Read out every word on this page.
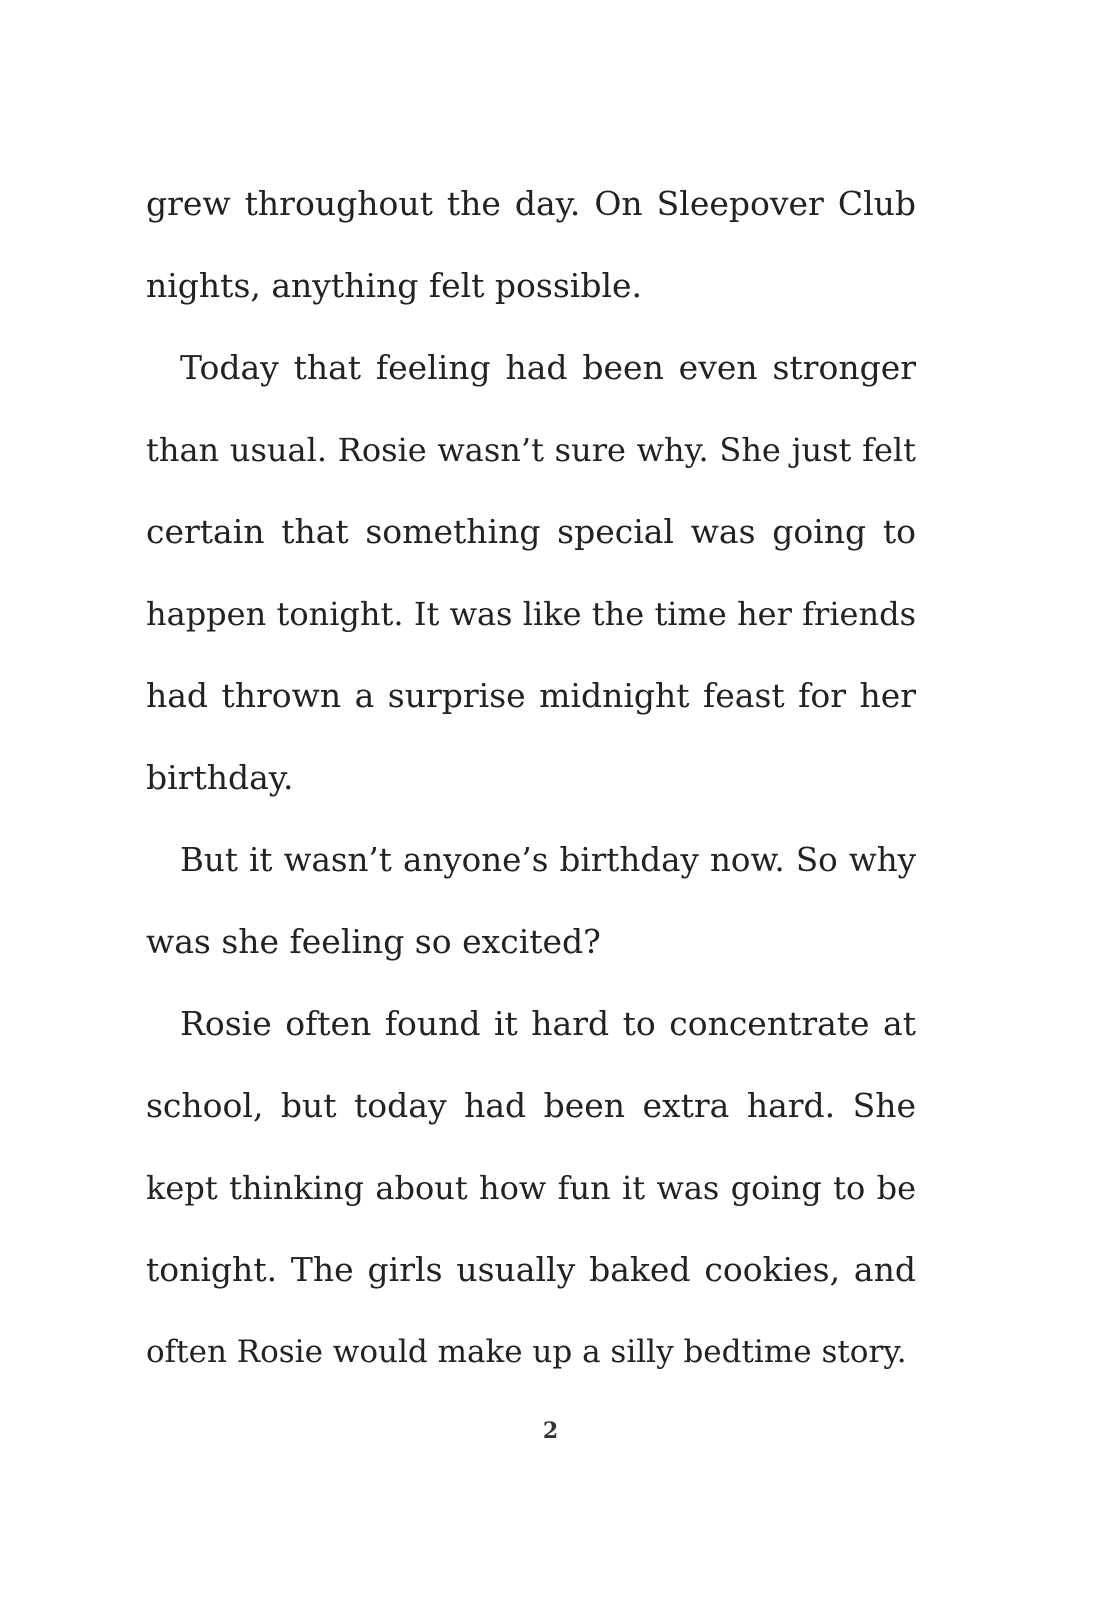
grew throughout the day. On Sleepover Club
nights, anything felt possible.

Today that feeling had been even stronger
than usual. Rosie wasn’t sure why. She just felt
certain that something special was going to
happen tonight. It was like the time her friends
had thrown a surprise midnight feast for her
birthday.

But it wasn’t anyone’s birthday now. So why
was she feeling so excited?

Rosie often found it hard to concentrate at
school, but today had been extra hard. She
kept thinking about how fun it was going to be
tonight. The girls usually baked cookies, and
often Rosie would make up a silly bedtime story.

2
